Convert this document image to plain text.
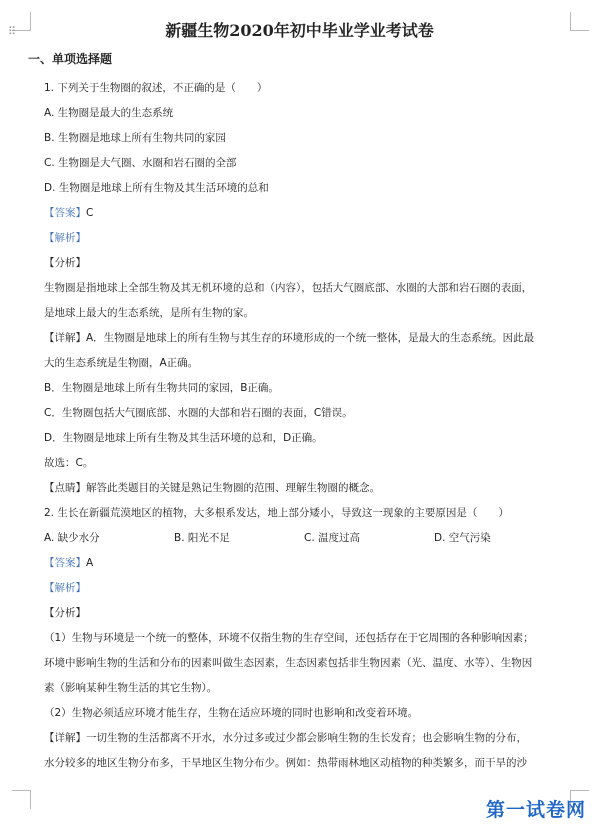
⠿	新疆生物2020年初中毕业学业考试卷
一、单项选择题
1. 下列关于生物圈的叙述，不正确的是（　　）
A. 生物圈是最大的生态系统
B. 生物圈是地球上所有生物共同的家园
C. 生物圈是大气圈、水圈和岩石圈的全部
D. 生物圈是地球上所有生物及其生活环境的总和
【答案】C
【解析】
【分析】
生物圈是指地球上全部生物及其无机环境的总和（内容），包括大气圈底部、水圈的大部和岩石圈的表面，
是地球上最大的生态系统，是所有生物的家。
【详解】A．生物圈是地球上的所有生物与其生存的环境形成的一个统一整体，是最大的生态系统。因此最
大的生态系统是生物圈，A正确。
B．生物圈是地球上所有生物共同的家园，B正确。
C．生物圈包括大气圈底部、水圈的大部和岩石圈的表面，C错误。
D．生物圈是地球上所有生物及其生活环境的总和，D正确。
故选：C。
【点睛】解答此类题目的关键是熟记生物圈的范围、理解生物圈的概念。
2. 生长在新疆荒漠地区的植物，大多根系发达，地上部分矮小，导致这一现象的主要原因是（　　）
A. 缺少水分	B. 阳光不足	C. 温度过高	D. 空气污染
【答案】A
【解析】
【分析】
（1）生物与环境是一个统一的整体，环境不仅指生物的生存空间，还包括存在于它周围的各种影响因素；
环境中影响生物的生活和分布的因素叫做生态因素，生态因素包括非生物因素（光、温度、水等）、生物因
素（影响某种生物生活的其它生物）。
（2）生物必须适应环境才能生存，生物在适应环境的同时也影响和改变着环境。
【详解】一切生物的生活都离不开水，水分过多或过少都会影响生物的生长发育；也会影响生物的分布，
水分较多的地区生物分布多，干旱地区生物分布少。例如：热带雨林地区动植物的种类繁多，而干旱的沙
第一试卷网
